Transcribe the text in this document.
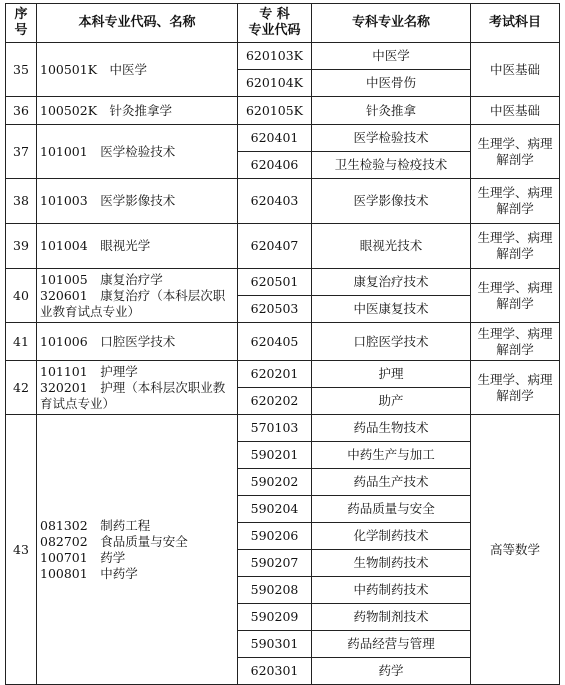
序号	本科专业代码、名称	专 科
专业代码	专科专业名称	考试科目
35	100501K　中医学	620103K	中医学	中医基础
		620104K	中医骨伤	
36	100502K　针灸推拿学	620105K	针灸推拿	中医基础
37	101001　医学检验技术	620401	医学检验技术	生理学、病理
解剖学
		620406	卫生检验与检疫技术	
38	101003　医学影像技术	620403	医学影像技术	生理学、病理
解剖学
39	101004　眼视光学	620407	眼视光技术	生理学、病理
解剖学
40	101005　康复治疗学
320601　康复治疗（本科层次职
业教育试点专业）	620501	康复治疗技术	生理学、病理
解剖学
		620503	中医康复技术	
41	101006　口腔医学技术	620405	口腔医学技术	生理学、病理
解剖学
42	101101　护理学
320201　护理（本科层次职业教
育试点专业）	620201	护理	生理学、病理
解剖学
		620202	助产	
43	081302　制药工程
082702　食品质量与安全
100701　药学
100801　中药学	570103	药品生物技术	高等数学
		590201	中药生产与加工	
		590202	药品生产技术	
		590204	药品质量与安全	
		590206	化学制药技术	
		590207	生物制药技术	
		590208	中药制药技术	
		590209	药物制剂技术	
		590301	药品经营与管理	
		620301	药学	
